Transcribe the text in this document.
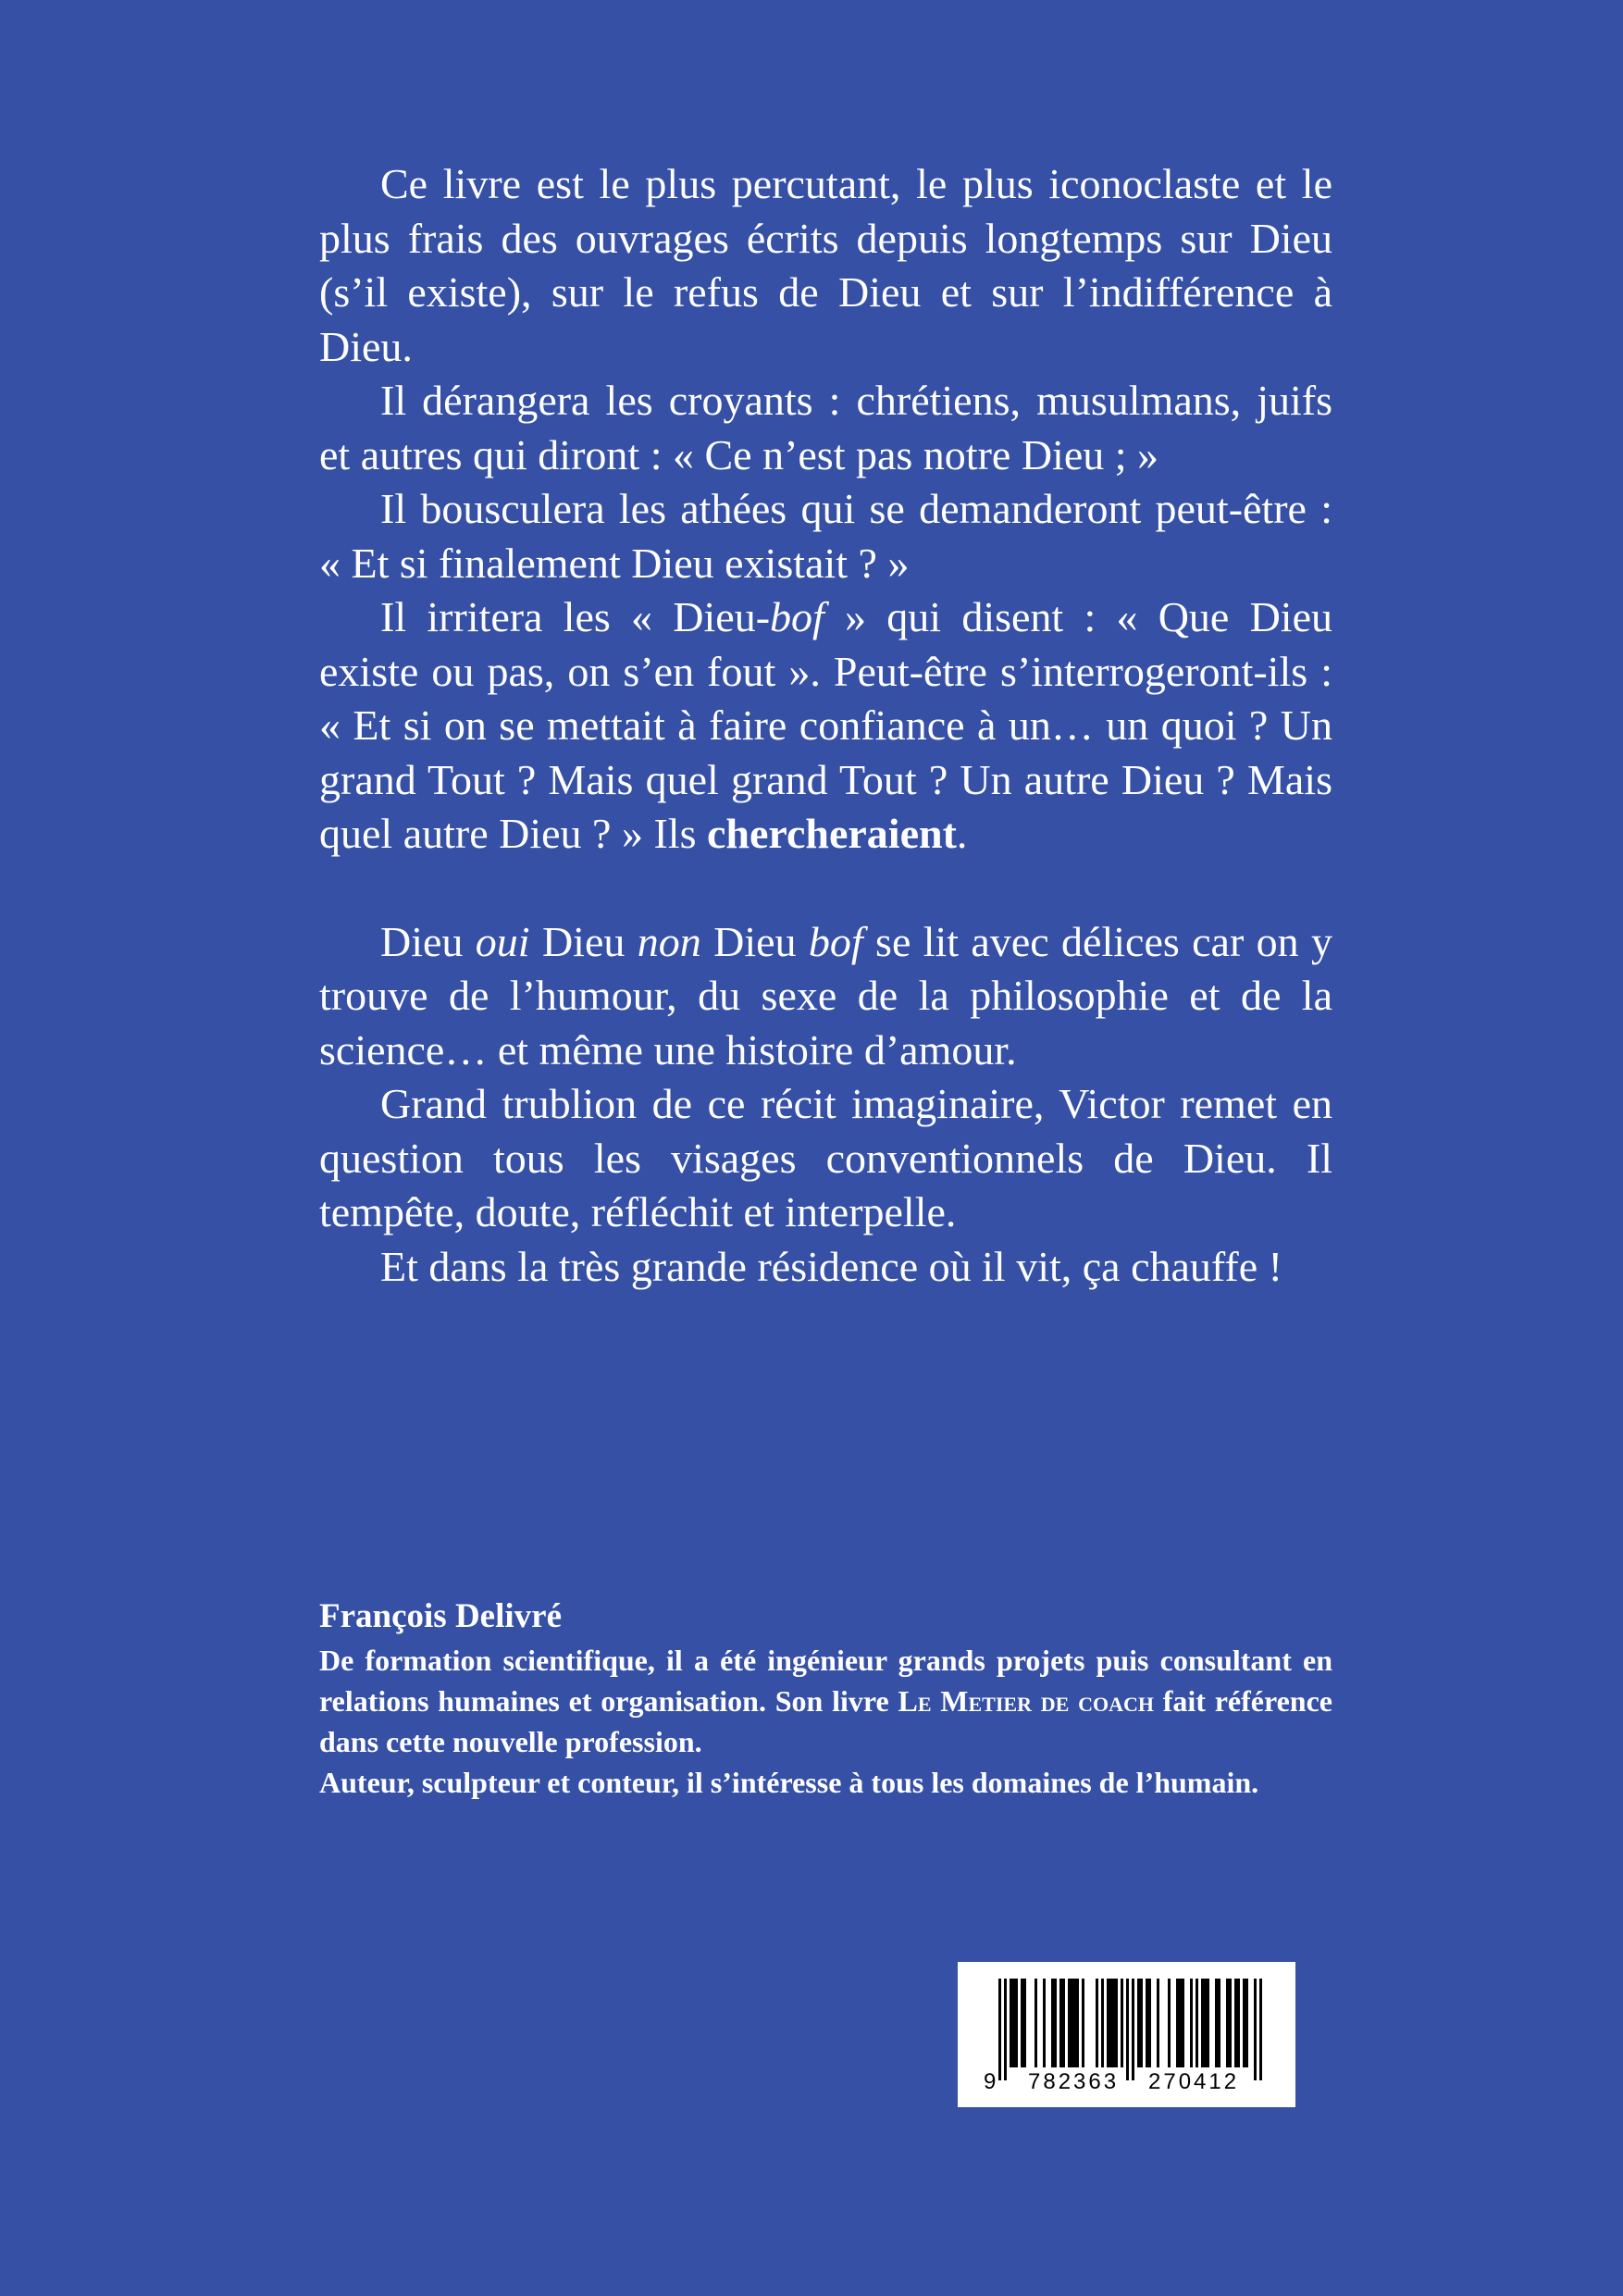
Ce livre est le plus percutant, le plus iconoclaste et le plus frais des ouvrages écrits depuis longtemps sur Dieu (s’il existe), sur le refus de Dieu et sur l’indifférence à Dieu.

Il dérangera les croyants : chrétiens, musulmans, juifs et autres qui diront : « Ce n’est pas notre Dieu ; »

Il bousculera les athées qui se demanderont peut-être : « Et si finalement Dieu existait ? »

Il irritera les « Dieu-bof » qui disent : « Que Dieu existe ou pas, on s’en fout ». Peut-être s’interrogeront-ils : « Et si on se mettait à faire confiance à un… un quoi ? Un grand Tout ? Mais quel grand Tout ? Un autre Dieu ? Mais quel autre Dieu ? » Ils chercheraient.

Dieu oui Dieu non Dieu bof se lit avec délices car on y trouve de l’humour, du sexe de la philosophie et de la science… et même une histoire d’amour.

Grand trublion de ce récit imaginaire, Victor remet en question tous les visages conventionnels de Dieu. Il tempête, doute, réfléchit et interpelle.

Et dans la très grande résidence où il vit, ça chauffe !

François Delivré

De formation scientifique, il a été ingénieur grands projets puis consultant en relations humaines et organisation. Son livre Le Metier de coach fait référence dans cette nouvelle profession.

Auteur, sculpteur et conteur, il s’intéresse à tous les domaines de l’humain.

9 782363 270412
